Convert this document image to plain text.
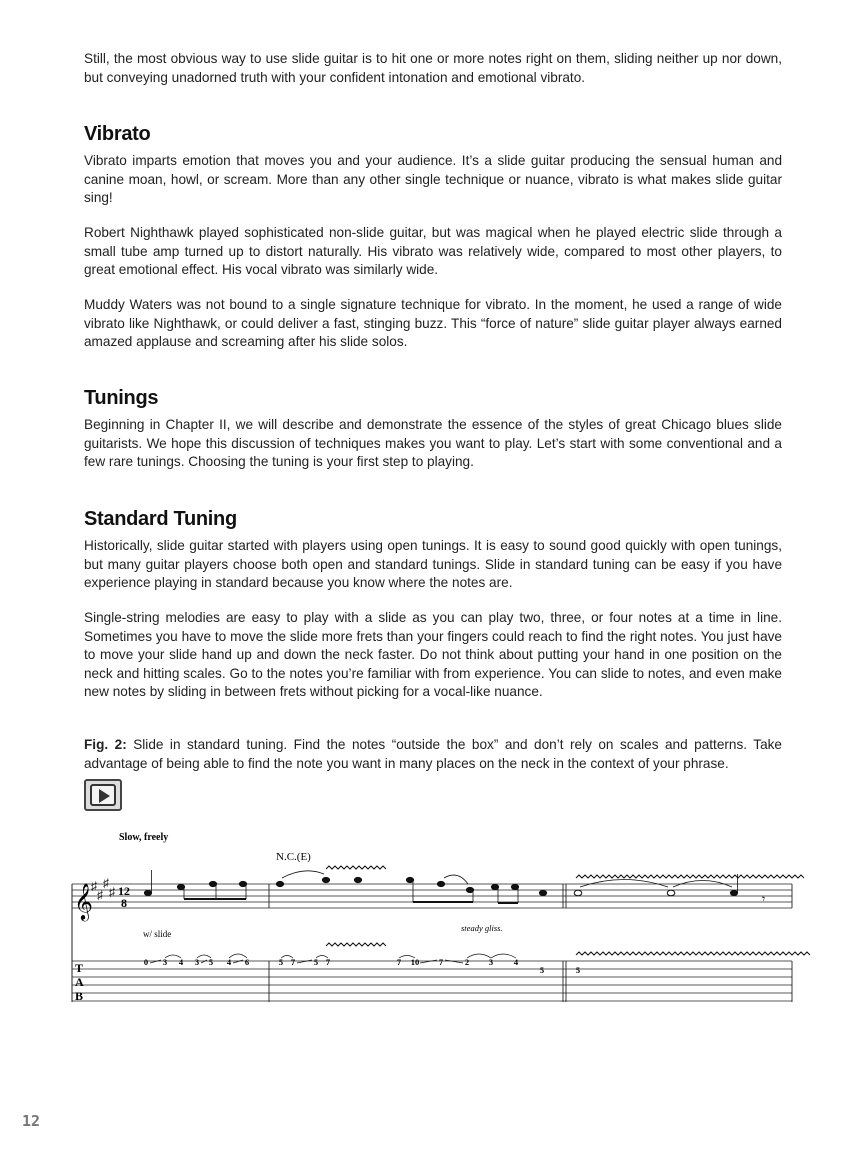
Still, the most obvious way to use slide guitar is to hit one or more notes right on them, sliding neither up nor down, but conveying unadorned truth with your confident intonation and emotional vibrato.

Vibrato

Vibrato imparts emotion that moves you and your audience. It’s a slide guitar producing the sensual human and canine moan, howl, or scream. More than any other single technique or nuance, vibrato is what makes slide guitar sing!

Robert Nighthawk played sophisticated non-slide guitar, but was magical when he played electric slide through a small tube amp turned up to distort naturally. His vibrato was relatively wide, compared to most other players, to great emotional effect. His vocal vibrato was similarly wide.

Muddy Waters was not bound to a single signature technique for vibrato. In the moment, he used a range of wide vibrato like Nighthawk, or could deliver a fast, stinging buzz. This “force of nature” slide guitar player always earned amazed applause and screaming after his slide solos.

Tunings

Beginning in Chapter II, we will describe and demonstrate the essence of the styles of great Chicago blues slide guitarists. We hope this discussion of techniques makes you want to play. Let’s start with some conventional and a few rare tunings. Choosing the tuning is your first step to playing.

Standard Tuning

Historically, slide guitar started with players using open tunings. It is easy to sound good quickly with open tunings, but many guitar players choose both open and standard tunings. Slide in standard tuning can be easy if you have experience playing in standard because you know where the notes are.

Single-string melodies are easy to play with a slide as you can play two, three, or four notes at a time in line. Sometimes you have to move the slide more frets than your fingers could reach to find the right notes. You just have to move your slide hand up and down the neck faster. Do not think about putting your hand in one position on the neck and hitting scales. Go to the notes you’re familiar with from experience. You can slide to notes, and even make new notes by sliding in between frets without picking for a vocal-like nuance.

Fig. 2: Slide in standard tuning. Find the notes “outside the box” and don’t rely on scales and patterns. Take advantage of being able to find the note you want in many places on the neck in the context of your phrase.

Slow, freely
N.C.(E)
𝄞
♯
♯
♯
♯ 12
8	𝄾
w/ slide
steady gliss.
T
A
B
0 3 4 3 5 4 6	5 7 5 7	7 10 7	2 3 4
5	5
12
